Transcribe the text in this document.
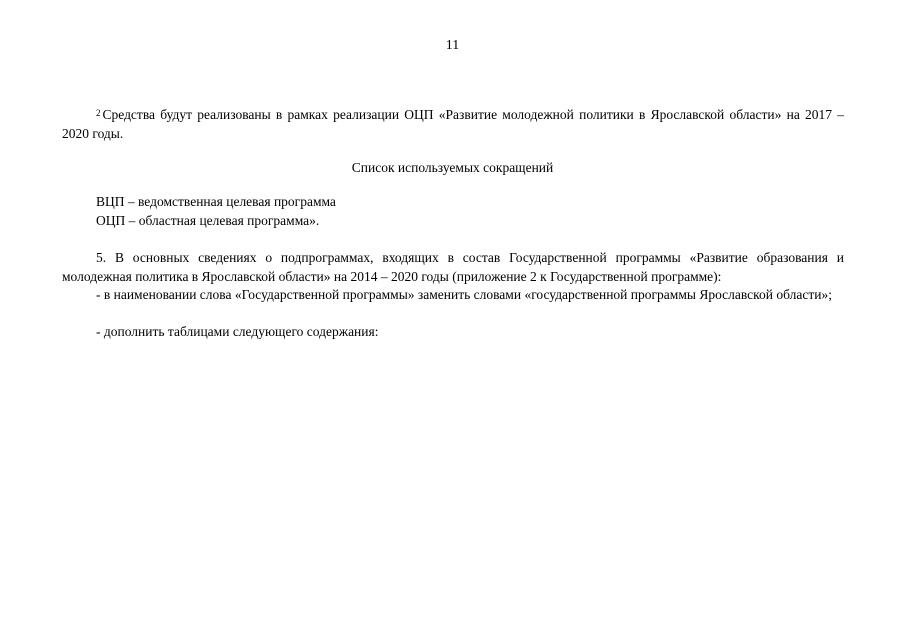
11
$^2$ Средства будут реализованы в рамках реализации ОЦП «Развитие молодежной политики в Ярославской области» на 2017 – 2020 годы.
Список используемых сокращений
ВЦП – ведомственная целевая программа
ОЦП – областная целевая программа».
5. В основных сведениях о подпрограммах, входящих в состав Государственной программы «Развитие образования и молодежная политика в Ярославской области» на 2014 – 2020 годы (приложение 2 к Государственной программе):
- в наименовании слова «Государственной программы» заменить словами «государственной программы Ярославской области»;
- дополнить таблицами следующего содержания:
